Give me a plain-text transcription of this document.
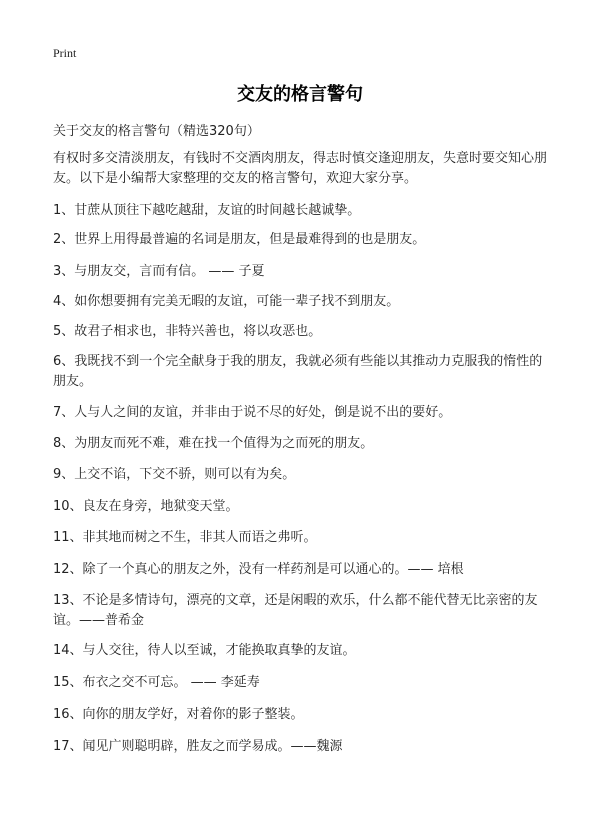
Print
交友的格言警句
关于交友的格言警句（精选320句）

有权时多交清淡朋友，有钱时不交酒肉朋友，得志时慎交逢迎朋友，失意时要交知心朋友。以下是小编帮大家整理的交友的格言警句，欢迎大家分享。

1、甘蔗从顶往下越吃越甜，友谊的时间越长越诚挚。
2、世界上用得最普遍的名词是朋友，但是最难得到的也是朋友。
3、与朋友交，言而有信。 —— 子夏
4、如你想要拥有完美无暇的友谊，可能一辈子找不到朋友。
5、故君子相求也，非特兴善也，将以攻恶也。
6、我既找不到一个完全献身于我的朋友，我就必须有些能以其推动力克服我的惰性的朋友。
7、人与人之间的友谊，并非由于说不尽的好处，倒是说不出的要好。
8、为朋友而死不难，难在找一个值得为之而死的朋友。
9、上交不谄，下交不骄，则可以有为矣。
10、良友在身旁，地狱变天堂。
11、非其地而树之不生，非其人而语之弗听。
12、除了一个真心的朋友之外，没有一样药剂是可以通心的。—— 培根
13、不论是多情诗句，漂亮的文章，还是闲暇的欢乐，什么都不能代替无比亲密的友谊。——普希金
14、与人交往，待人以至诚，才能换取真挚的友谊。
15、布衣之交不可忘。 —— 李延寿
16、向你的朋友学好，对着你的影子整装。
17、闻见广则聪明辟，胜友之而学易成。——魏源
